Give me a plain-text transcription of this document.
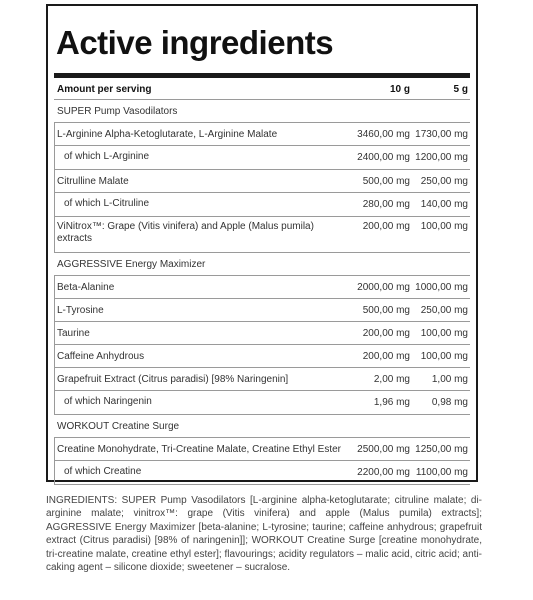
Active ingredients
Amount per serving	10 g	5 g
SUPER Pump Vasodilators
L-Arginine Alpha-Ketoglutarate, L-Arginine Malate	3460,00 mg 1730,00 mg
of which L-Arginine	2400,00 mg 1200,00 mg
Citrulline Malate	500,00 mg	250,00 mg
of which L-Citruline	280,00 mg	140,00 mg
ViNitrox™: Grape (Vitis vinifera) and Apple (Malus pumila) extracts
200,00 mg	100,00 mg
AGGRESSIVE Energy Maximizer
Beta-Alanine	2000,00 mg 1000,00 mg
L-Tyrosine	500,00 mg	250,00 mg
Taurine	200,00 mg	100,00 mg
Caffeine Anhydrous	200,00 mg	100,00 mg
Grapefruit Extract (Citrus paradisi) [98% Naringenin]	2,00 mg	1,00 mg
of which Naringenin	1,96 mg	0,98 mg
WORKOUT Creatine Surge
Creatine Monohydrate, Tri-Creatine Malate, Creatine Ethyl Ester	2500,00 mg 1250,00 mg
of which Creatine	2200,00 mg 1100,00 mg
INGREDIENTS: SUPER Pump Vasodilators [L-arginine alpha-ketoglutarate; citruline malate; di-arginine malate; vinitrox™: grape (Vitis vinifera) and apple (Malus pumila) extracts]; AGGRESSIVE Energy Maximizer [beta-alanine; L-tyrosine; taurine; caffeine anhydrous; grapefruit extract (Citrus paradisi) [98% of naringenin]]; WORKOUT Creatine Surge [creatine monohydrate, tri-creatine malate, creatine ethyl ester]; flavourings; acidity regulators – malic acid, citric acid; anti-caking agent – silicone dioxide; sweetener – sucralose.
